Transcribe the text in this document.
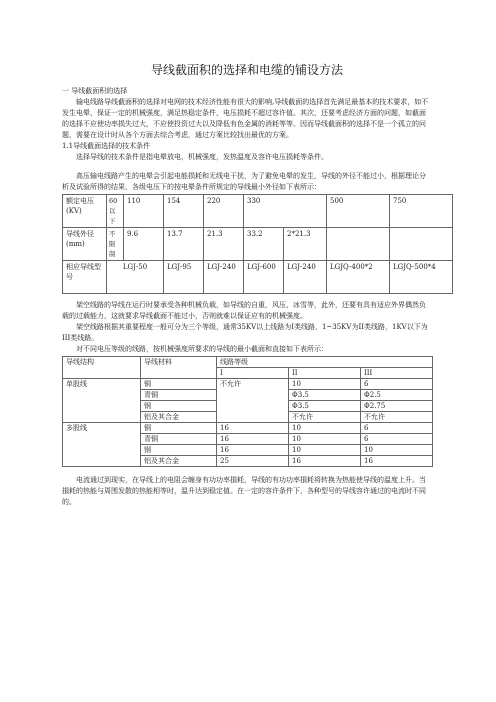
导线截面积的选择和电缆的铺设方法

一 导线截面积的选择

输电线路导线截面积的选择对电网的技术经济性能有很大的影响,导线截面的选择首先满足最基本的技术要求，如不发生电晕，保证一定的机械强度，满足热稳定条件，电压损耗不超过容许值。其次，还要考虑经济方面的问题，如截面的选择不应使功率损失过大，不应使投资过大以及降低有色金属的消耗等等。因而导线截面积的选择不是一个孤立的问题，需要在设计时从各个方面去综合考虑，通过方案比较找出最优的方案。

1.1导线截面选择的技术条件

选择导线的技术条件是指电晕放电，机械强度，发热温度及容许电压损耗等条件。

高压输电线路产生的电晕会引起电能损耗和无线电干扰，为了避免电晕的发生，导线的外径不能过小，根据理论分析及试验所得的结果，各级电压下的按电晕条件所规定的导线最小外径如下表所示：

额定电压(KV)	60以下	110	154	220	330		500	750
导线外径(mm)	不限制	9.6	13.7	21.3	33.2	2*21.3		
相应导线型号	LGJ-50		LGJ-95	LGJ-240	LGJ-600	LGJ-240	LGJQ-400*2	LGJQ-500*4

架空线路的导线在运行时要承受各种机械负载，如导线的自重，风压，冰雪等，此外，还要有具有适应外界偶然负载的过载能力，这就要求导线截面不能过小，否则就难以保证应有的机械强度。

架空线路根据其重要程度一般可分为三个等级，通常35KV以上线路为I类线路，1~35KV为II类线路，1KV以下为III类线路。

对不同电压等级的线路，按机械强度所要求的导线的最小截面和直接如下表所示：

导线结构	导线材料	线路等级		
		I	II	III
单股线	铜	不允许	10	6
	青铜		Φ3.5	Φ2.5
	钢		Φ3.5	Φ2.75
	铝及其合金		不允许	不允许
多股线	铜	16	10	6
	青铜	16	10	6
	钢	16	10	10
	铝及其合金	25	16	16

电流通过到现实，在导线上的电阻会缠身有功功率損耗，导线的有功功率損耗将转换为热能使导线的温度上升。当損耗的热能与周围发散的热能相等时，温升达到稳定值。在一定的容许条件下，各种型号的导线容许通过的电流时不同的。
